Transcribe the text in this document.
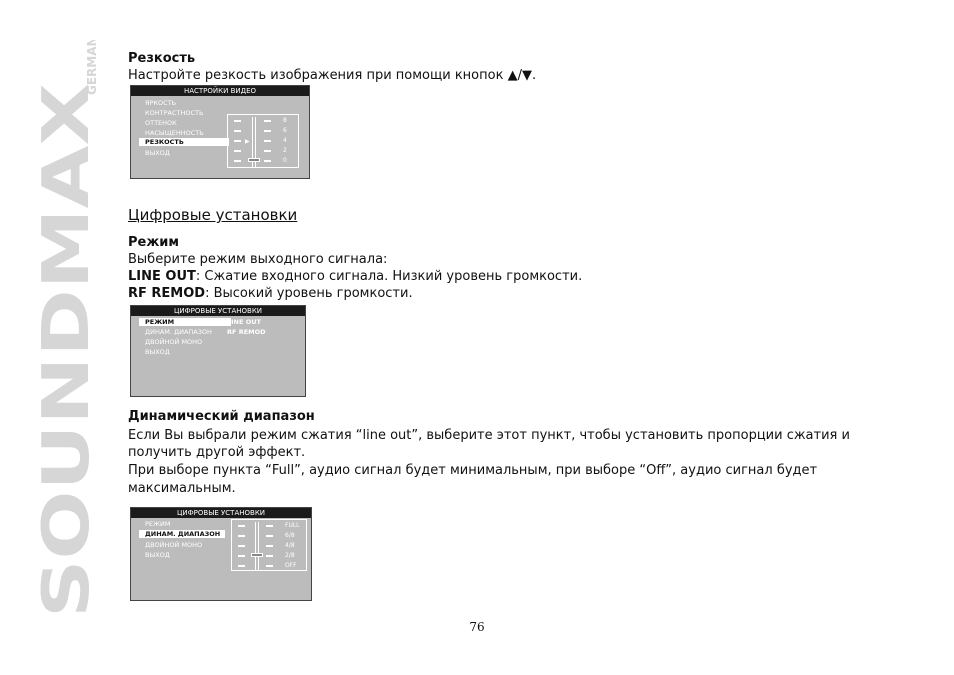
SOUNDMAX
GERMANY Резкость
Настройте резкость изображения при помощи кнопок ▲/▼.
НАСТРОЙКИ ВИДЕО
ЯРКОСТЬ
КОНТРАСТНОСТЬ
ОТТЕНОК
НАСЫЩЕННОСТЬ
РЕЗКОСТЬ	▶
ВЫХОД
8
6
4
2
0
Цифровые установки
Режим
Выберите режим выходного сигнала:
LINE OUT: Сжатие входного сигнала. Низкий уровень громкости.
RF REMOD: Высокий уровень громкости.
ЦИФРОВЫЕ УСТАНОВКИ
РЕЖИМ	▶
ДИНАМ. ДИАПАЗОН
ДВОЙНОЙ МОНО
ВЫХОД
LINE OUT
RF REMOD
Динамический диапазон
Если Вы выбрали режим сжатия “line out”, выберите этот пункт, чтобы установить пропорции сжатия и
получить другой эффект.
При выборе пункта “Full”, аудио сигнал будет минимальным, при выборе “Off”, аудио сигнал будет
максимальным.
ЦИФРОВЫЕ УСТАНОВКИ
РЕЖИМ
ДИНАМ. ДИАПАЗОН ▶
ДВОЙНОЙ МОНО
ВЫХОД
FULL
6/8
4/8
2/8
OFF
76
